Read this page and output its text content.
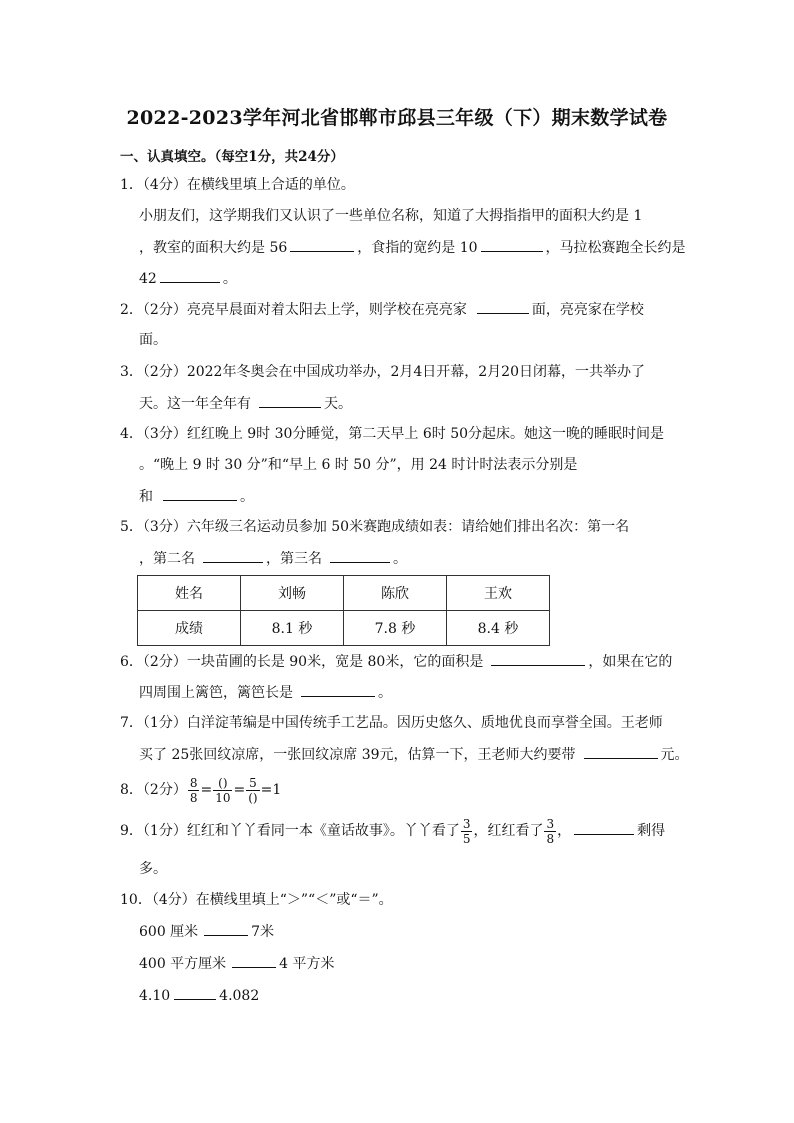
2022-2023学年河北省邯郸市邱县三年级（下）期末数学试卷
一、认真填空。（每空1分，共24分）
1．（4分）在横线里填上合适的单位。
小朋友们，这学期我们又认识了一些单位名称，知道了大拇指指甲的面积大约是 1
，教室的面积大约是 56	，食指的宽约是 10	，马拉松赛跑全长约是
42	。
2．（2分）亮亮早晨面对着太阳去上学，则学校在亮亮家	面，亮亮家在学校
面。
3．（2分）2022年冬奥会在中国成功举办，2月4日开幕，2月20日闭幕，一共举办了
天。这一年全年有	天。
4．（3分）红红晚上 9时 30分睡觉，第二天早上 6时 50分起床。她这一晚的睡眠时间是
。“晚上 9 时 30 分”和“早上 6 时 50 分”，用 24 时计时法表示分别是
和	。
5．（3分）六年级三名运动员参加 50米赛跑成绩如表：请给她们排出名次：第一名
，第二名	，第三名	。
姓名	刘畅	陈欣	王欢
成绩	8.1 秒	7.8 秒	8.4 秒
6．（2分）一块苗圃的长是 90米，宽是 80米，它的面积是	，如果在它的
四周围上篱笆，篱笆长是	。
7．（1分）白洋淀苇编是中国传统手工艺品。因历史悠久、质地优良而享誉全国。王老师
买了 25张回纹凉席，一张回纹凉席 39元，估算一下，王老师大约要带	元。
8．（2分） $\frac{8}{8} = \frac{()}{10} = \frac{5}{()} =1$
9．（1分）红红和丫丫看同一本《童话故事》。丫丫看了 $\frac{3}{5}$ ，红红看了 $\frac{3}{8}$ ，	剩得
多。
10．（4分）在横线里填上“＞”“＜”或“＝”。
600 厘米	7米
400 平方厘米	4 平方米
4.10	4.082
